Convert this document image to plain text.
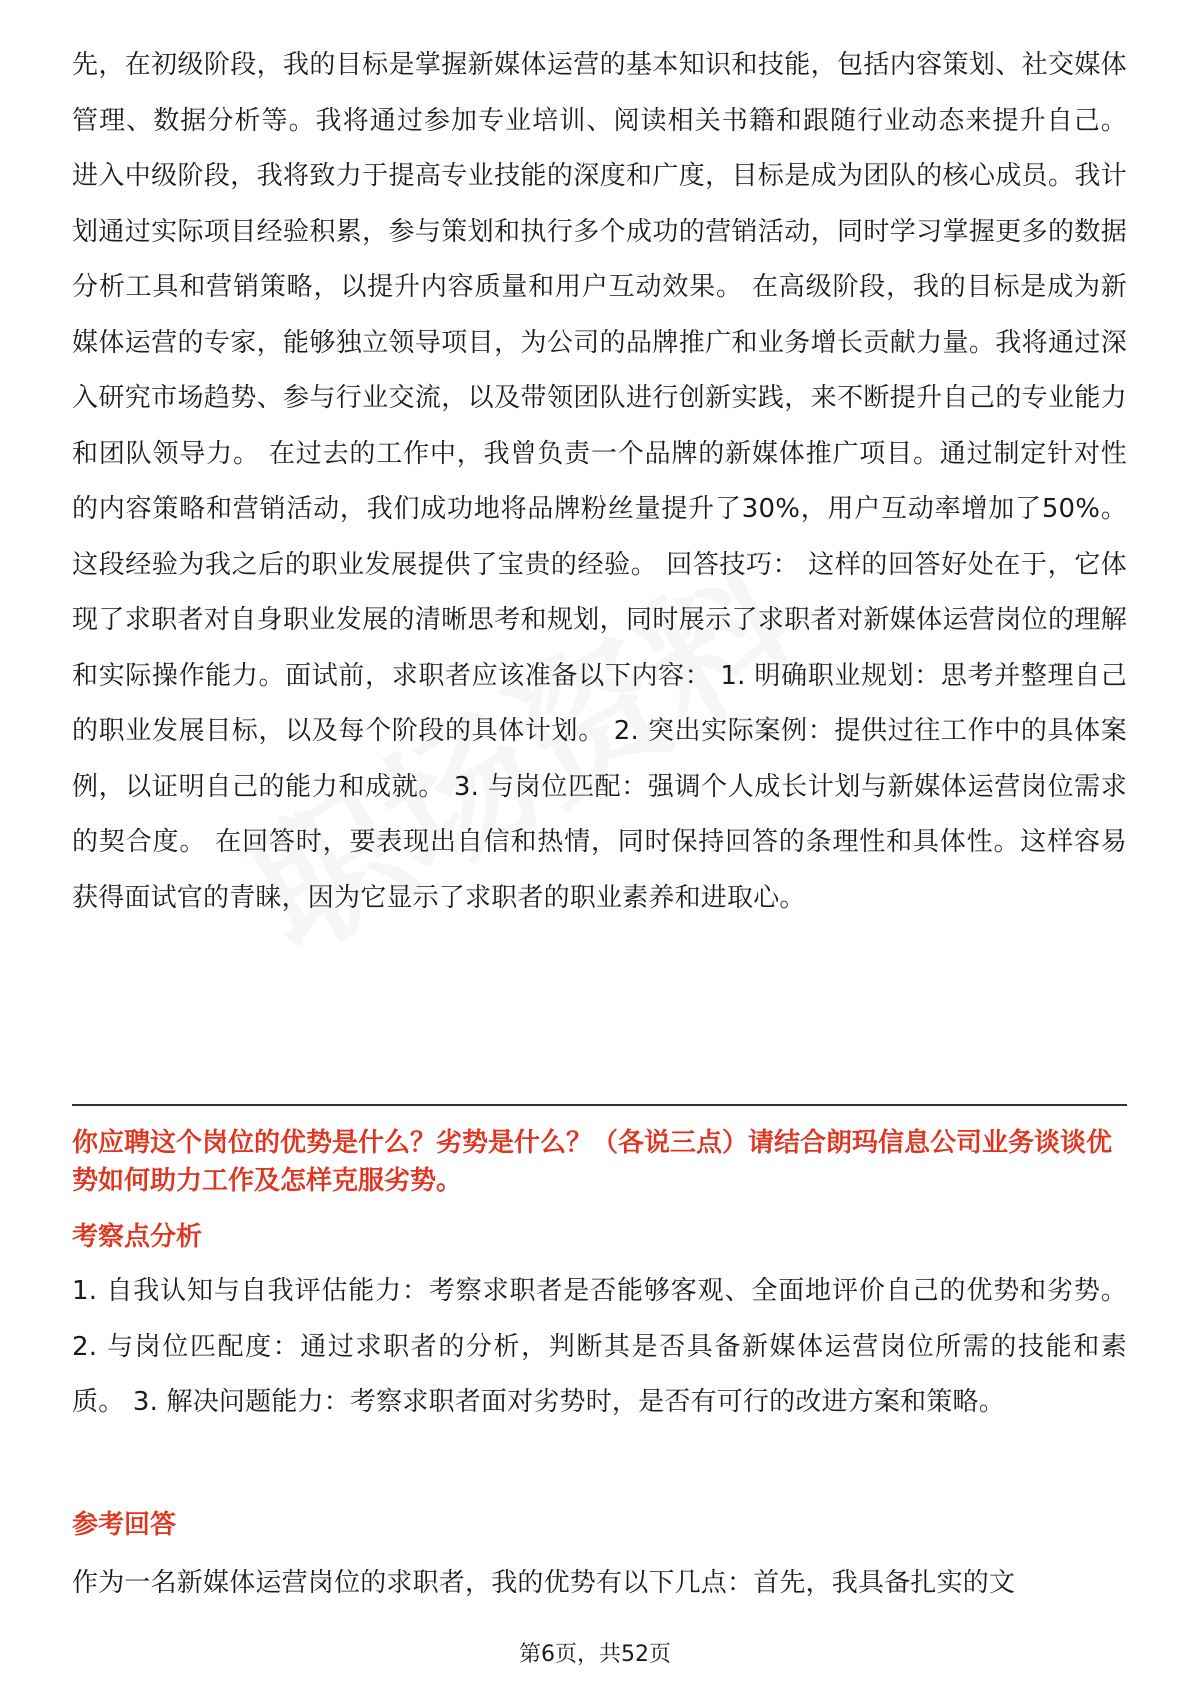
先，在初级阶段，我的目标是掌握新媒体运营的基本知识和技能，包括内容策划、社交媒体管理、数据分析等。我将通过参加专业培训、阅读相关书籍和跟随行业动态来提升自己。 进入中级阶段，我将致力于提高专业技能的深度和广度，目标是成为团队的核心成员。我计划通过实际项目经验积累，参与策划和执行多个成功的营销活动，同时学习掌握更多的数据分析工具和营销策略，以提升内容质量和用户互动效果。 在高级阶段，我的目标是成为新媒体运营的专家，能够独立领导项目，为公司的品牌推广和业务增长贡献力量。我将通过深入研究市场趋势、参与行业交流，以及带领团队进行创新实践，来不断提升自己的专业能力和团队领导力。 在过去的工作中，我曾负责一个品牌的新媒体推广项目。通过制定针对性的内容策略和营销活动，我们成功地将品牌粉丝量提升了30%，用户互动率增加了50%。这段经验为我之后的职业发展提供了宝贵的经验。 回答技巧： 这样的回答好处在于，它体现了求职者对自身职业发展的清晰思考和规划，同时展示了求职者对新媒体运营岗位的理解和实际操作能力。面试前，求职者应该准备以下内容： 1. 明确职业规划：思考并整理自己的职业发展目标，以及每个阶段的具体计划。 2. 突出实际案例：提供过往工作中的具体案例，以证明自己的能力和成就。 3. 与岗位匹配：强调个人成长计划与新媒体运营岗位需求的契合度。 在回答时，要表现出自信和热情，同时保持回答的条理性和具体性。这样容易获得面试官的青睐，因为它显示了求职者的职业素养和进取心。

你应聘这个岗位的优势是什么？劣势是什么？（各说三点）请结合朗玛信息公司业务谈谈优势如何助力工作及怎样克服劣势。

考察点分析

1. 自我认知与自我评估能力：考察求职者是否能够客观、全面地评价自己的优势和劣势。 2. 与岗位匹配度：通过求职者的分析，判断其是否具备新媒体运营岗位所需的技能和素质。 3. 解决问题能力：考察求职者面对劣势时，是否有可行的改进方案和策略。

参考回答

作为一名新媒体运营岗位的求职者，我的优势有以下几点：首先，我具备扎实的文

第6页，共52页
